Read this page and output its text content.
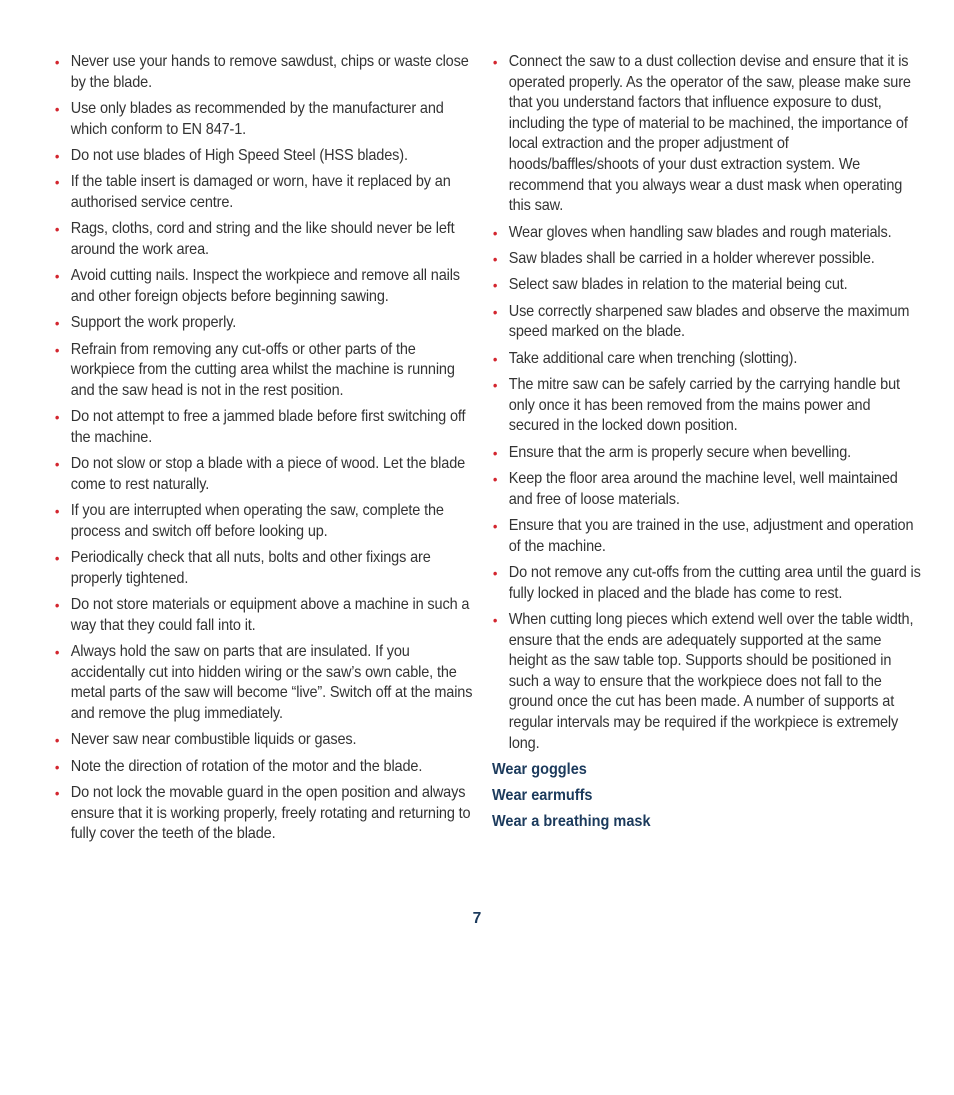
• Never use your hands to remove sawdust, chips or waste close by the blade.
• Use only blades as recommended by the manufacturer and which conform to EN 847-1.
• Do not use blades of High Speed Steel (HSS blades).
• If the table insert is damaged or worn, have it replaced by an authorised service centre.
• Rags, cloths, cord and string and the like should never be left around the work area.
• Avoid cutting nails. Inspect the workpiece and remove all nails and other foreign objects before beginning sawing.
• Support the work properly.
• Refrain from removing any cut-offs or other parts of the workpiece from the cutting area whilst the machine is running and the saw head is not in the rest position.
• Do not attempt to free a jammed blade before first switching off the machine.
• Do not slow or stop a blade with a piece of wood. Let the blade come to rest naturally.
• If you are interrupted when operating the saw, complete the process and switch off before looking up.
• Periodically check that all nuts, bolts and other fixings are properly tightened.
• Do not store materials or equipment above a machine in such a way that they could fall into it.
• Always hold the saw on parts that are insulated. If you accidentally cut into hidden wiring or the saw’s own cable, the metal parts of the saw will become “live”. Switch off at the mains and remove the plug immediately.
• Never saw near combustible liquids or gases.
• Note the direction of rotation of the motor and the blade.
• Do not lock the movable guard in the open position and always ensure that it is working properly, freely rotating and returning to fully cover the teeth of the blade.
• Connect the saw to a dust collection devise and ensure that it is operated properly. As the operator of the saw, please make sure that you understand factors that influence exposure to dust, including the type of material to be machined, the importance of local extraction and the proper adjustment of hoods/baffles/shoots of your dust extraction system. We recommend that you always wear a dust mask when operating this saw.
• Wear gloves when handling saw blades and rough materials.
• Saw blades shall be carried in a holder wherever possible.
• Select saw blades in relation to the material being cut.
• Use correctly sharpened saw blades and observe the maximum speed marked on the blade.
• Take additional care when trenching (slotting).
• The mitre saw can be safely carried by the carrying handle but only once it has been removed from the mains power and secured in the locked down position.
• Ensure that the arm is properly secure when bevelling.
• Keep the floor area around the machine level, well maintained and free of loose materials.
• Ensure that you are trained in the use, adjustment and operation of the machine.
• Do not remove any cut-offs from the cutting area until the guard is fully locked in placed and the blade has come to rest.
• When cutting long pieces which extend well over the table width, ensure that the ends are adequately supported at the same height as the saw table top. Supports should be positioned in such a way to ensure that the workpiece does not fall to the ground once the cut has been made. A number of supports at regular intervals may be required if the workpiece is extremely long.
Wear goggles
Wear earmuffs
Wear a breathing mask
7
